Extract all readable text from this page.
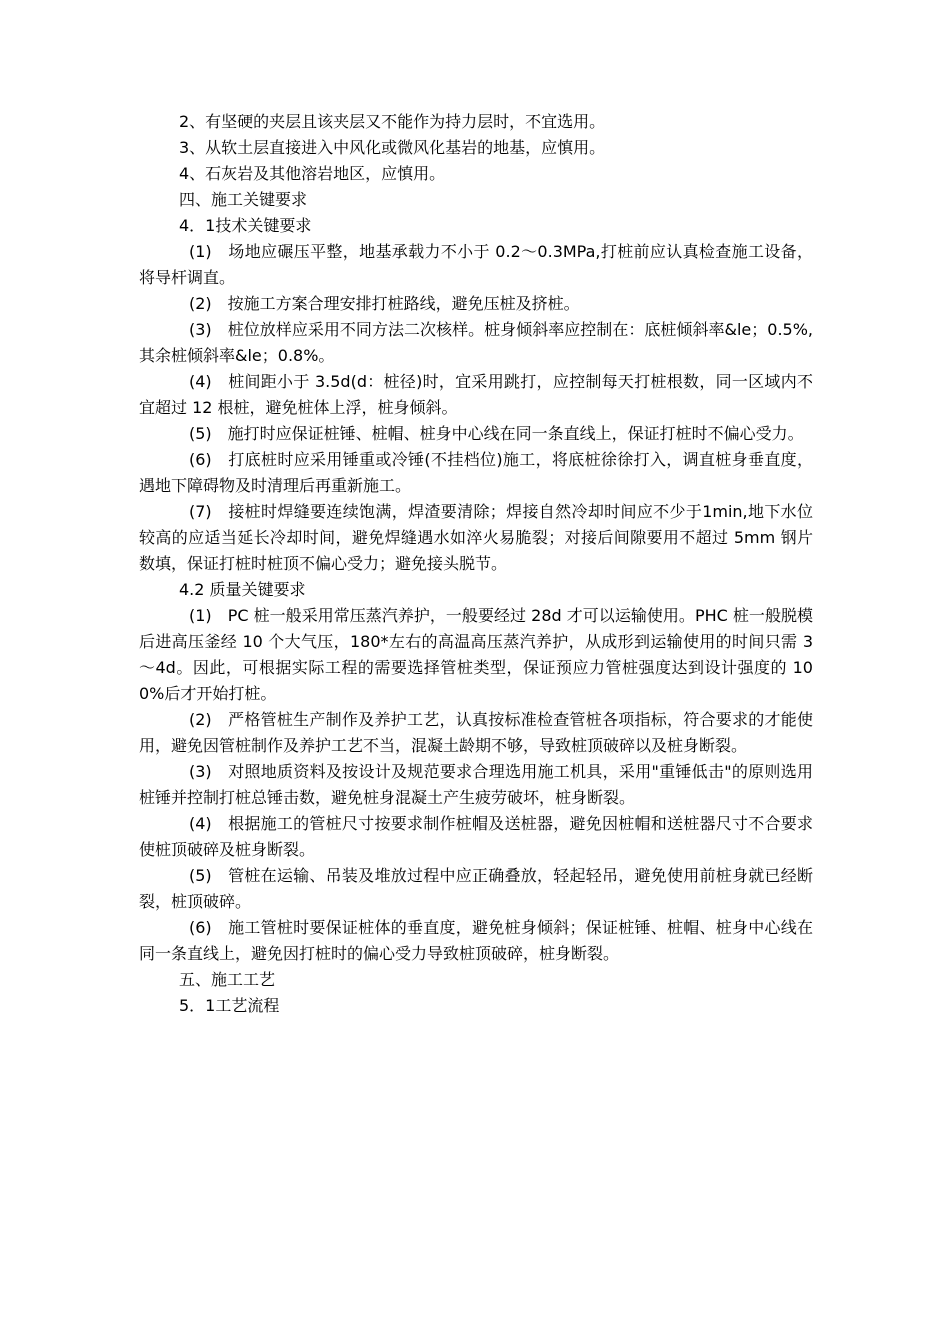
2、有坚硬的夹层且该夹层又不能作为持力层时，不宜选用。

3、从软土层直接进入中风化或微风化基岩的地基，应慎用。

4、石灰岩及其他溶岩地区，应慎用。

四、施工关键要求

4．1技术关键要求

(1)　场地应碾压平整，地基承载力不小于 0.2～0.3MPa,打桩前应认真检查施工设备，将导杆调直。

(2)　按施工方案合理安排打桩路线，避免压桩及挤桩。

(3)　桩位放样应采用不同方法二次核样。桩身倾斜率应控制在：底桩倾斜率&le；0.5%,其余桩倾斜率&le；0.8%。

(4)　桩间距小于 3.5d(d：桩径)时，宜采用跳打，应控制每天打桩根数，同一区域内不宜超过 12 根桩，避免桩体上浮，桩身倾斜。

(5)　施打时应保证桩锤、桩帽、桩身中心线在同一条直线上，保证打桩时不偏心受力。

(6)　打底桩时应采用锤重或冷锤(不挂档位)施工，将底桩徐徐打入，调直桩身垂直度，遇地下障碍物及时清理后再重新施工。

(7)　接桩时焊缝要连续饱满，焊渣要清除；焊接自然冷却时间应不少于1min,地下水位较高的应适当延长冷却时间，避免焊缝遇水如淬火易脆裂；对接后间隙要用不超过 5mm 钢片数填，保证打桩时桩顶不偏心受力；避免接头脱节。

4.2 质量关键要求

(1)　PC 桩一般采用常压蒸汽养护，一般要经过 28d 才可以运输使用。PHC 桩一般脱模后进高压釜经 10 个大气压，180*左右的高温高压蒸汽养护，从成形到运输使用的时间只需 3～4d。因此，可根据实际工程的需要选择管桩类型，保证预应力管桩强度达到设计强度的 100%后才开始打桩。

(2)　严格管桩生产制作及养护工艺，认真按标准检查管桩各项指标，符合要求的才能使用，避免因管桩制作及养护工艺不当，混凝土龄期不够，导致桩顶破碎以及桩身断裂。

(3)　对照地质资料及按设计及规范要求合理选用施工机具，采用"重锤低击"的原则选用桩锤并控制打桩总锤击数，避免桩身混凝土产生疲劳破坏，桩身断裂。

(4)　根据施工的管桩尺寸按要求制作桩帽及送桩器，避免因桩帽和送桩器尺寸不合要求使桩顶破碎及桩身断裂。

(5)　管桩在运输、吊装及堆放过程中应正确叠放，轻起轻吊，避免使用前桩身就已经断裂，桩顶破碎。

(6)　施工管桩时要保证桩体的垂直度，避免桩身倾斜；保证桩锤、桩帽、桩身中心线在同一条直线上，避免因打桩时的偏心受力导致桩顶破碎，桩身断裂。

五、施工工艺

5．1工艺流程
